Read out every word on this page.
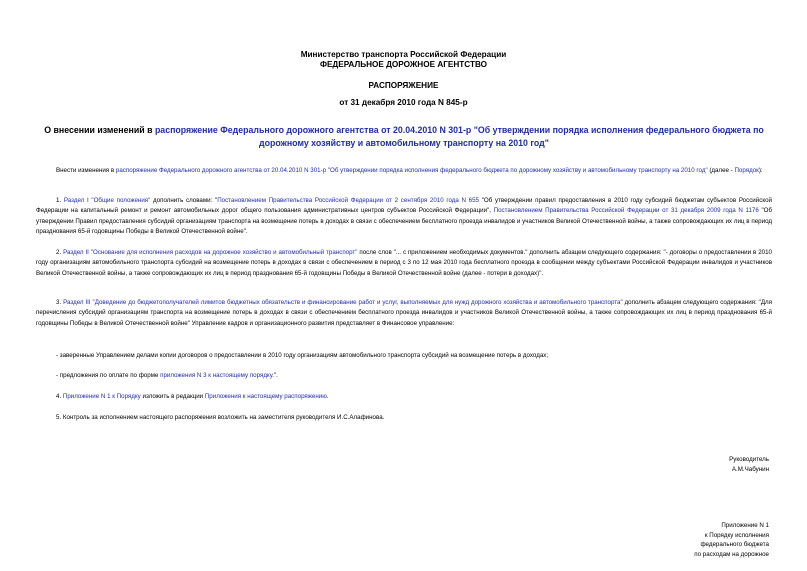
Министерство транспорта Российской Федерации
ФЕДЕРАЛЬНОЕ ДОРОЖНОЕ АГЕНТСТВО
РАСПОРЯЖЕНИЕ
от 31 декабря 2010 года N 845-р
О внесении изменений в распоряжение Федерального дорожного агентства от 20.04.2010 N 301-р "Об утверждении порядка исполнения федерального бюджета по дорожному хозяйству и автомобильному транспорту на 2010 год"
Внести изменения в распоряжение Федерального дорожного агентства от 20.04.2010 N 301-р "Об утверждении порядка исполнения федерального бюджета по дорожному хозяйству и автомобильному транспорту на 2010 год" (далее - Порядок):
1. Раздел I "Общие положения" дополнить словами: "Постановлением Правительства Российской Федерации от 2 сентября 2010 года N 655 "Об утверждении правил предоставления в 2010 году субсидий бюджетам субъектов Российской Федерации на капитальный ремонт и ремонт автомобильных дорог общего пользования административных центров субъектов Российской Федерации", Постановлением Правительства Российской Федерации от 31 декабря 2009 года N 1176 "Об утверждении Правил предоставления субсидий организациям транспорта на возмещение потерь в доходах в связи с обеспечением бесплатного проезда инвалидов и участников Великой Отечественной войны, а также сопровождающих их лиц в период празднования 65-й годовщины Победы в Великой Отечественной войне".
2. Раздел II "Основание для исполнения расходов на дорожное хозяйство и автомобильный транспорт" после слов "... с приложением необходимых документов." дополнить абзацем следующего содержания: "- договоры о предоставлении в 2010 году организациям автомобильного транспорта субсидий на возмещение потерь в доходах в связи с обеспечением в период с 3 по 12 мая 2010 года бесплатного проезда в сообщении между субъектами Российской Федерации инвалидов и участников Великой Отечественной войны, а также сопровождающих их лиц в период празднования 65-й годовщины Победы в Великой Отечественной войне (далее - потери в доходах)".
3. Раздел III "Доведение до бюджетополучателей лимитов бюджетных обязательств и финансирование работ и услуг, выполняемых для нужд дорожного хозяйства и автомобильного транспорта" дополнить абзацем следующего содержания: "Для перечисления субсидий организациям транспорта на возмещение потерь в доходах в связи с обеспечением бесплатного проезда инвалидов и участников Великой Отечественной войны, а также сопровождающих их лиц в период празднования 65-й годовщины Победы в Великой Отечественной войне" Управление кадров и организационного развития представляет в Финансовое управление:
- заверенные Управлением делами копии договоров о предоставлении в 2010 году организациям автомобильного транспорта субсидий на возмещение потерь в доходах;
- предложения по оплате по форме приложения N 3 к настоящему порядку.".
4. Приложение N 1 к Порядку изложить в редакции Приложения к настоящему распоряжению.
5. Контроль за исполнением настоящего распоряжения возложить на заместителя руководителя И.С.Алафинова.
Руководитель
А.М.Чабунин
Приложение N 1
к Порядку исполнения
федерального бюджета
по расходам на дорожное
